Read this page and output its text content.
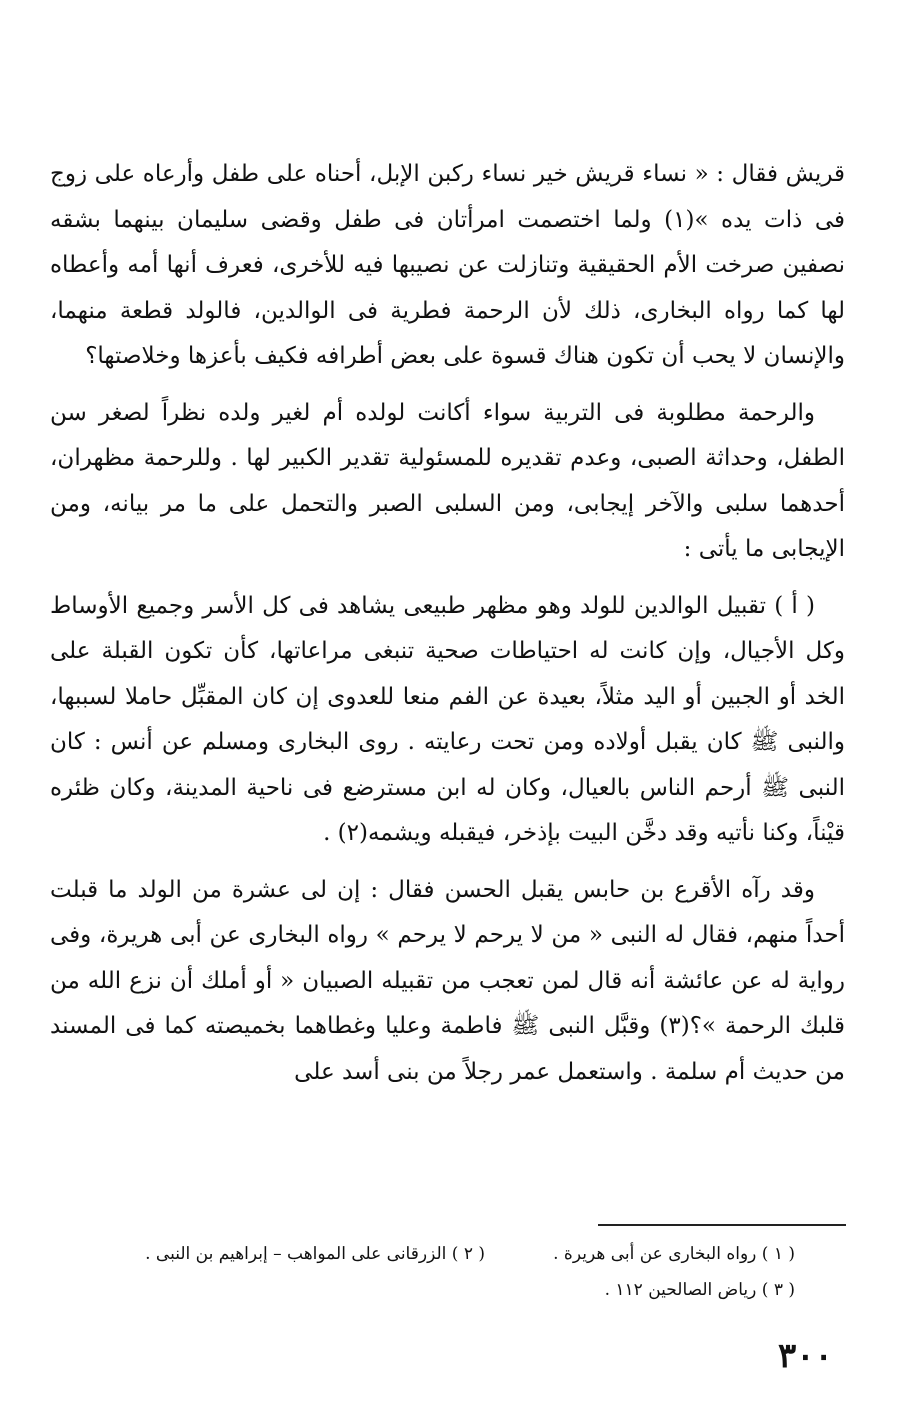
قريش فقال : « نساء قريش خير نساء ركبن الإبل، أحناه على طفل وأرعاه على زوج فى ذات يده »(١) ولما اختصمت امرأتان فى طفل وقضى سليمان بينهما بشقه نصفين صرخت الأم الحقيقية وتنازلت عن نصيبها فيه للأخرى، فعرف أنها أمه وأعطاه لها كما رواه البخارى، ذلك لأن الرحمة فطرية فى الوالدين، فالولد قطعة منهما، والإنسان لا يحب أن تكون هناك قسوة على بعض أطرافه فكيف بأعزها وخلاصتها؟

والرحمة مطلوبة فى التربية سواء أكانت لولده أم لغير ولده نظراً لصغر سن الطفل، وحداثة الصبى، وعدم تقديره للمسئولية تقدير الكبير لها . وللرحمة مظهران، أحدهما سلبى والآخر إيجابى، ومن السلبى الصبر والتحمل على ما مر بيانه، ومن الإيجابى ما يأتى :

( أ ) تقبيل الوالدين للولد وهو مظهر طبيعى يشاهد فى كل الأسر وجميع الأوساط وكل الأجيال، وإن كانت له احتياطات صحية تنبغى مراعاتها، كأن تكون القبلة على الخد أو الجبين أو اليد مثلاً، بعيدة عن الفم منعا للعدوى إن كان المقبِّل حاملا لسببها، والنبى ﷺ كان يقبل أولاده ومن تحت رعايته . روى البخارى ومسلم عن أنس : كان النبى ﷺ أرحم الناس بالعيال، وكان له ابن مسترضع فى ناحية المدينة، وكان ظئره قيْناً، وكنا نأتيه وقد دخَّن البيت بإذخر، فيقبله ويشمه(٢) .

وقد رآه الأقرع بن حابس يقبل الحسن فقال : إن لى عشرة من الولد ما قبلت أحداً منهم، فقال له النبى « من لا يرحم لا يرحم » رواه البخارى عن أبى هريرة، وفى رواية له عن عائشة أنه قال لمن تعجب من تقبيله الصبيان « أو أملك أن نزع الله من قلبك الرحمة »؟(٣) وقبَّل النبى ﷺ فاطمة وعليا وغطاهما بخميصته كما فى المسند من حديث أم سلمة . واستعمل عمر رجلاً من بنى أسد على

( ١ ) رواه البخارى عن أبى هريرة .
( ٢ ) الزرقانى على المواهب – إبراهيم بن النبى .
( ٣ ) رياض الصالحين ١١٢ .
٣٠٠
